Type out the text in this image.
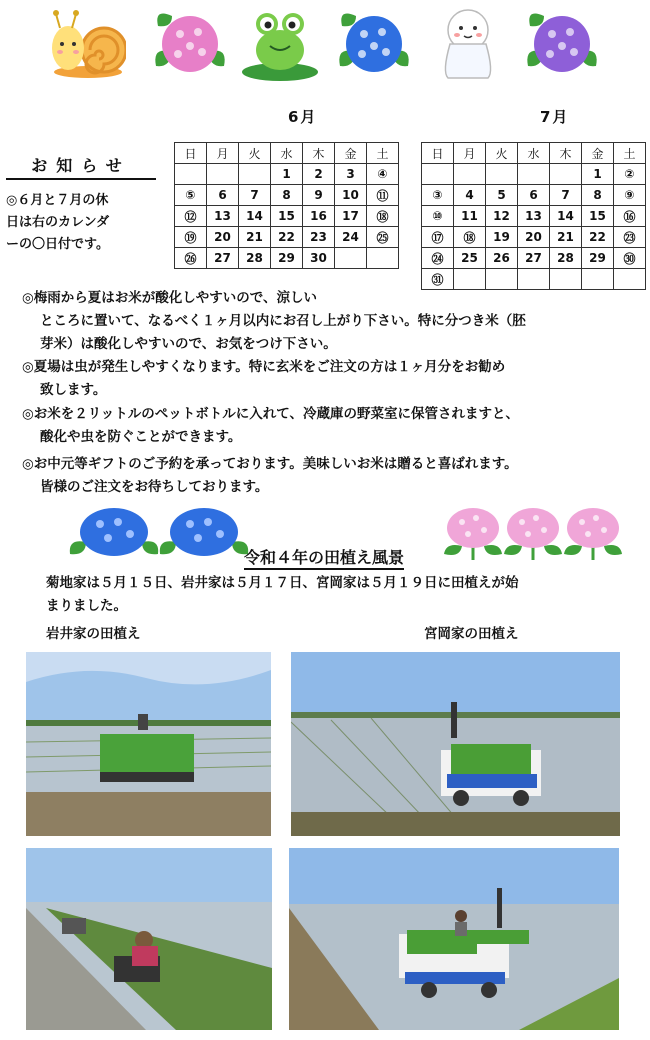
6月	7月
お知らせ
◎６月と７月の休
日は右のカレンダ
ーの〇日付です。
日	月	火	水	木	金	土
			1	2	3	④
⑤	6	7	8	9	10	⑪
⑫	13	14	15	16	17	⑱
⑲	20	21	22	23	24	㉕
㉖	27	28	29	30		
日	月	火	水	木	金	土
					1	②
③	4	5	6	7	8	⑨
⑩	11	12	13	14	15	⑯
⑰	⑱	19	20	21	22	㉓
㉔	25	26	27	28	29	㉚
㉛						
◎梅雨から夏はお米が酸化しやすいので、涼しい
ところに置いて、なるべく１ヶ月以内にお召し上がり下さい。特に分つき米（胚
芽米）は酸化しやすいので、お気をつけ下さい。
◎夏場は虫が発生しやすくなります。特に玄米をご注文の方は１ヶ月分をお勧め
致します。
◎お米を２リットルのペットボトルに入れて、冷蔵庫の野菜室に保管されますと、
酸化や虫を防ぐことができます。
◎お中元等ギフトのご予約を承っております。美味しいお米は贈ると喜ばれます。
皆様のご注文をお待ちしております。
令和４年の田植え風景
菊地家は５月１５日、岩井家は５月１７日、宮岡家は５月１９日に田植えが始
まりました。
岩井家の田植え	宮岡家の田植え
